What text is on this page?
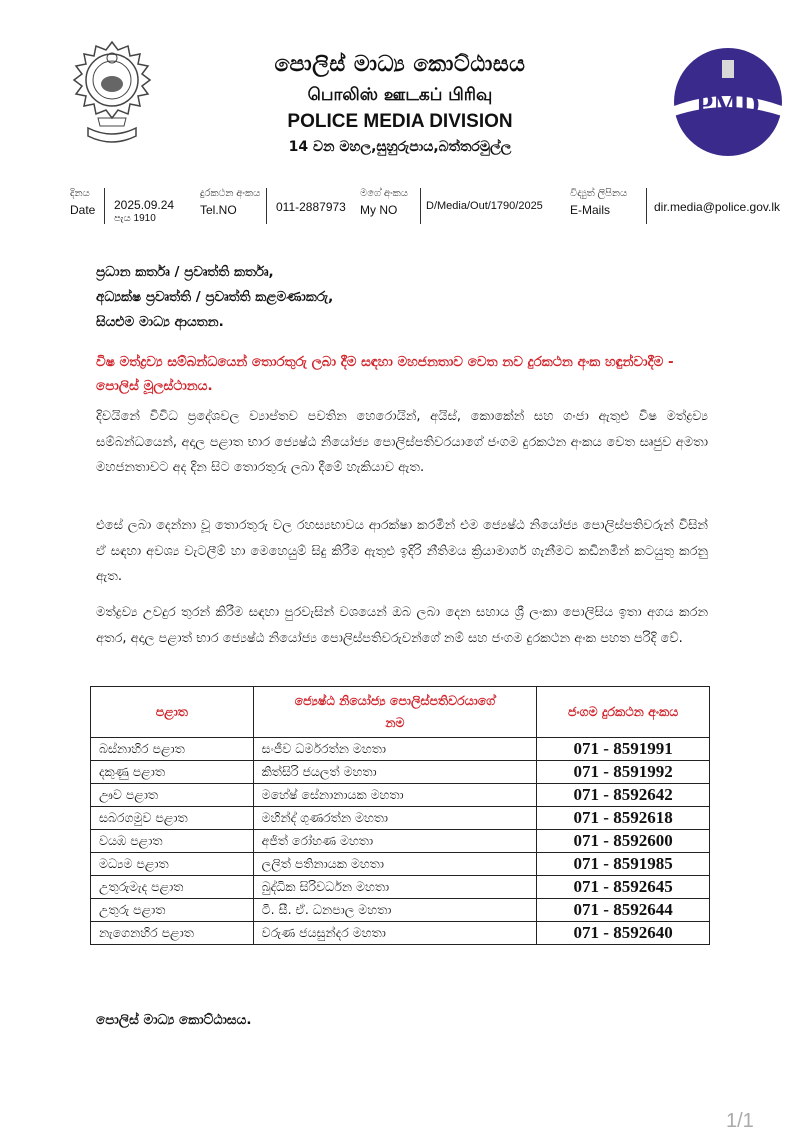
පොලිස් මාධ්‍ය කොට්ඨාසය
பொலிஸ் ஊடகப் பிரிவு
POLICE MEDIA DIVISION
14 වන මහල,සුහුරුපාය,බත්තරමුල්ල
PMD
දිනය
Date	2025.09.24
පැය 1910
දුරකථන අංකය
Tel.NO	011-2887973
මගේ අංකය
My NO	D/Media/Out/1790/2025
විද්‍යුත් ලිපිනය
E-Mails	dir.media@police.gov.lk
ප්‍රධාන කර්තෘ / ප්‍රවෘත්ති කර්තෘ,
අධ්‍යක්ෂ ප්‍රවෘත්ති / ප්‍රවෘත්ති කළමණාකරු,
සියළුම මාධ්‍ය ආයතන.
විෂ මත්ද්‍රව්‍ය සම්බන්ධයෙන් තොරතුරු ලබා දීම සඳහා මහජනතාව වෙත නව දුරකථන අංක හඳුන්වාදීම - පොලිස් මූලස්ථානය.
දිවයිනේ විවිධ ප්‍රදේශවල ව්‍යාප්තව පවතින හෙරොයින්, අයිස්, කොකේන් සහ ගංජා ඇතුළු විෂ මත්ද්‍රව්‍ය සම්බන්ධයෙන්, අදාල පළාත භාර ජ්‍යෙෂ්ඨ නියෝජ්‍ය පොලිස්පතිවරයාගේ ජංගම දුරකථන අංකය වෙත සෘජුව අමතා මහජනතාවට අද දින සිට තොරතුරු ලබා දීමේ හැකියාව ඇත.
එසේ ලබා දෙන්නා වූ තොරතුරු වල රහස්‍යභාවය ආරක්ෂා කරමින් එම ජ්‍යෙෂ්ඨ නියෝජ්‍ය පොලිස්පතිවරුන් විසින් ඒ සඳහා අවශ්‍ය වැටලීම් හා මෙහෙයුම් සිදු කිරීම ඇතුළු ඉදිරි නීතිමය ක්‍රියාමාර්ග ගැනීමට කඩිනමින් කටයුතු කරනු ඇත.
මත්ද්‍රව්‍ය උවදුර තුරන් කිරීම සඳහා පුරවැසින් වශයෙන් ඔබ ලබා දෙන සහාය ශ්‍රී ලංකා පොලිසිය ඉතා අගය කරන අතර, අදාල පළාත් භාර ජ්‍යෙෂ්ඨ නියෝජ්‍ය පොලිස්පතිවරුවන්ගේ නම් සහ ජංගම දුරකථන අංක පහත පරිදි වේ.
පළාත	ජ්‍යෙෂ්ඨ නියෝජ්‍ය පොලිස්පතිවරයාගේ නම	ජංගම දුරකථන අංකය
බස්නාහිර පළාත	සංජීව ධර්මරත්න මහතා	071 - 8591991
දකුණු පළාත	කිත්සිරි ජයලත් මහතා	071 - 8591992
ඌව පළාත	මහේෂ් සේනානායක මහතා	071 - 8592642
සබරගමුව පළාත	මහින්ද් ගුණරත්න මහතා	071 - 8592618
වයඹ පළාත	අජිත් රෝහණ මහතා	071 - 8592600
මධ්‍යම පළාත	ලලිත් පතිනායක මහතා	071 - 8591985
උතුරුමැද පළාත	බුද්ධික සිරිවර්ධන මහතා	071 - 8592645
උතුරු පළාත	ටී. සී. ඒ. ධනපාල මහතා	071 - 8592644
නැගෙනහිර පළාත	වරුණ ජයසුන්දර මහතා	071 - 8592640
පොලිස් මාධ්‍ය කොට්ඨාසය.
1/1
